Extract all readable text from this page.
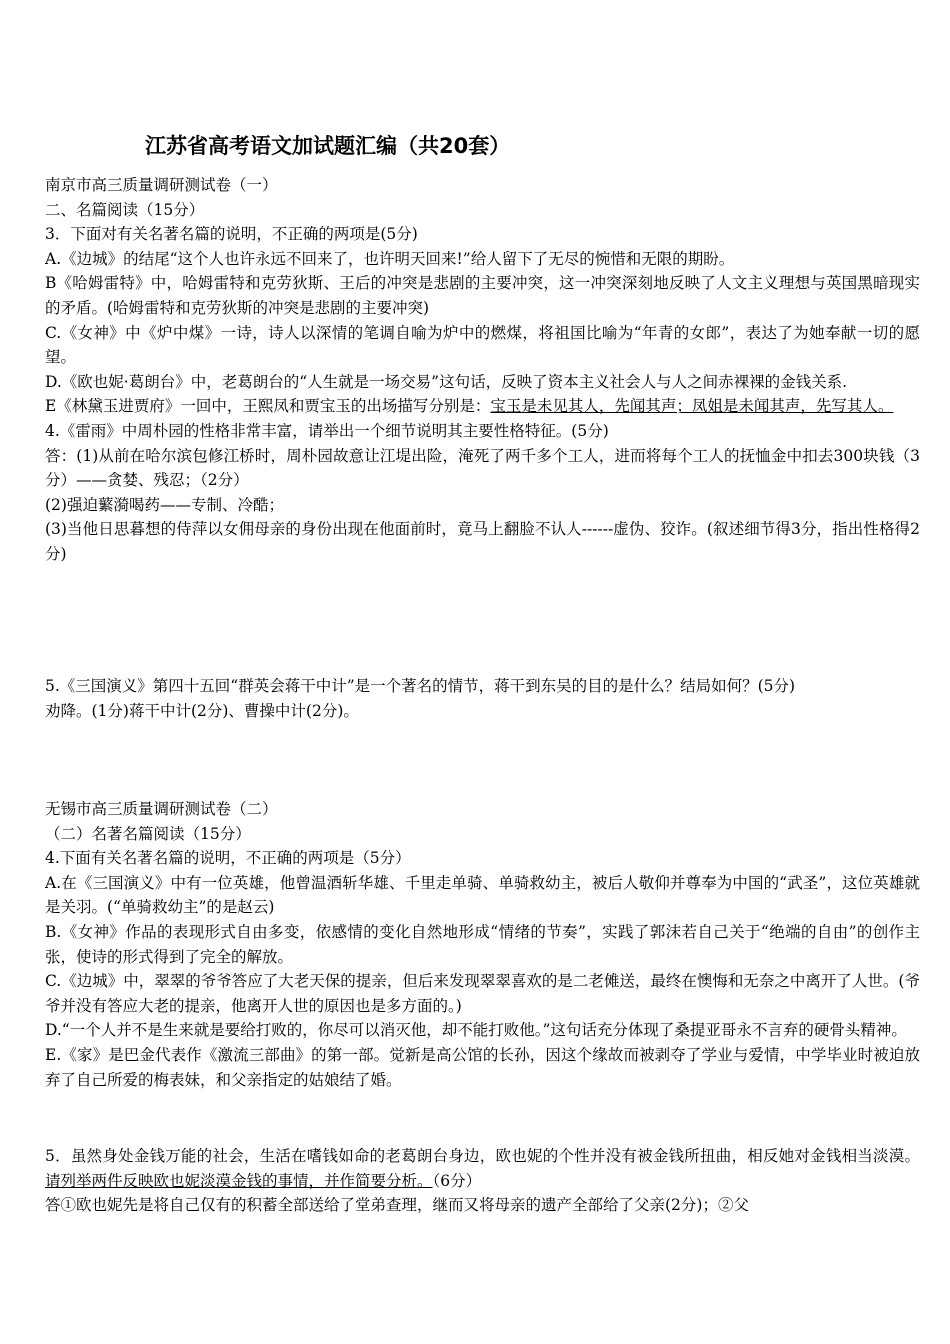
江苏省高考语文加试题汇编（共20套）

南京市高三质量调研测试卷（一）

二、名篇阅读（15分）

3．下面对有关名著名篇的说明，不正确的两项是(5分)

A.《边城》的结尾“这个人也许永远不回来了，也许明天回来!”给人留下了无尽的惋惜和无限的期盼。

B《哈姆雷特》中，哈姆雷特和克劳狄斯、王后的冲突是悲剧的主要冲突，这一冲突深刻地反映了人文主义理想与英国黑暗现实的矛盾。(哈姆雷特和克劳狄斯的冲突是悲剧的主要冲突)

C.《女神》中《炉中煤》一诗，诗人以深情的笔调自喻为炉中的燃煤，将祖国比喻为“年青的女郎”，表达了为她奉献一切的愿望。

D.《欧也妮·葛朗台》中，老葛朗台的“人生就是一场交易”这句话，反映了资本主义社会人与人之间赤裸裸的金钱关系.

E《林黛玉进贾府》一回中，王熙凤和贾宝玉的出场描写分别是：宝玉是未见其人，先闻其声；凤姐是未闻其声，先写其人。

4.《雷雨》中周朴园的性格非常丰富，请举出一个细节说明其主要性格特征。(5分)

答：(1)从前在哈尔滨包修江桥时，周朴园故意让江堤出险，淹死了两千多个工人，进而将每个工人的抚恤金中扣去300块钱（3分）——贪婪、残忍；（2分）

(2)强迫蘩漪喝药——专制、冷酷；

(3)当他日思暮想的侍萍以女佣母亲的身份出现在他面前时，竟马上翻脸不认人------虚伪、狡诈。(叙述细节得3分，指出性格得2分)

5.《三国演义》第四十五回“群英会蒋干中计”是一个著名的情节，蒋干到东吴的目的是什么？结局如何？(5分)

劝降。(1分)蒋干中计(2分)、曹操中计(2分)。

无锡市高三质量调研测试卷（二）

（二）名著名篇阅读（15分）

4.下面有关名著名篇的说明，不正确的两项是（5分）

A.在《三国演义》中有一位英雄，他曾温酒斩华雄、千里走单骑、单骑救幼主，被后人敬仰并尊奉为中国的“武圣”，这位英雄就是关羽。(“单骑救幼主”的是赵云)

B.《女神》作品的表现形式自由多变，依感情的变化自然地形成“情绪的节奏”，实践了郭沫若自己关于“绝端的自由”的创作主张，使诗的形式得到了完全的解放。

C.《边城》中，翠翠的爷爷答应了大老天保的提亲，但后来发现翠翠喜欢的是二老傩送，最终在懊悔和无奈之中离开了人世。(爷爷并没有答应大老的提亲，他离开人世的原因也是多方面的。)

D.“一个人并不是生来就是要给打败的，你尽可以消灭他，却不能打败他。”这句话充分体现了桑提亚哥永不言弃的硬骨头精神。

E.《家》是巴金代表作《激流三部曲》的第一部。觉新是高公馆的长孙，因这个缘故而被剥夺了学业与爱情，中学毕业时被迫放弃了自己所爱的梅表妹，和父亲指定的姑娘结了婚。

5．虽然身处金钱万能的社会，生活在嗜钱如命的老葛朗台身边，欧也妮的个性并没有被金钱所扭曲，相反她对金钱相当淡漠。请列举两件反映欧也妮淡漠金钱的事情，并作简要分析。（6分）

答①欧也妮先是将自己仅有的积蓄全部送给了堂弟查理，继而又将母亲的遗产全部给了父亲(2分)；②父
